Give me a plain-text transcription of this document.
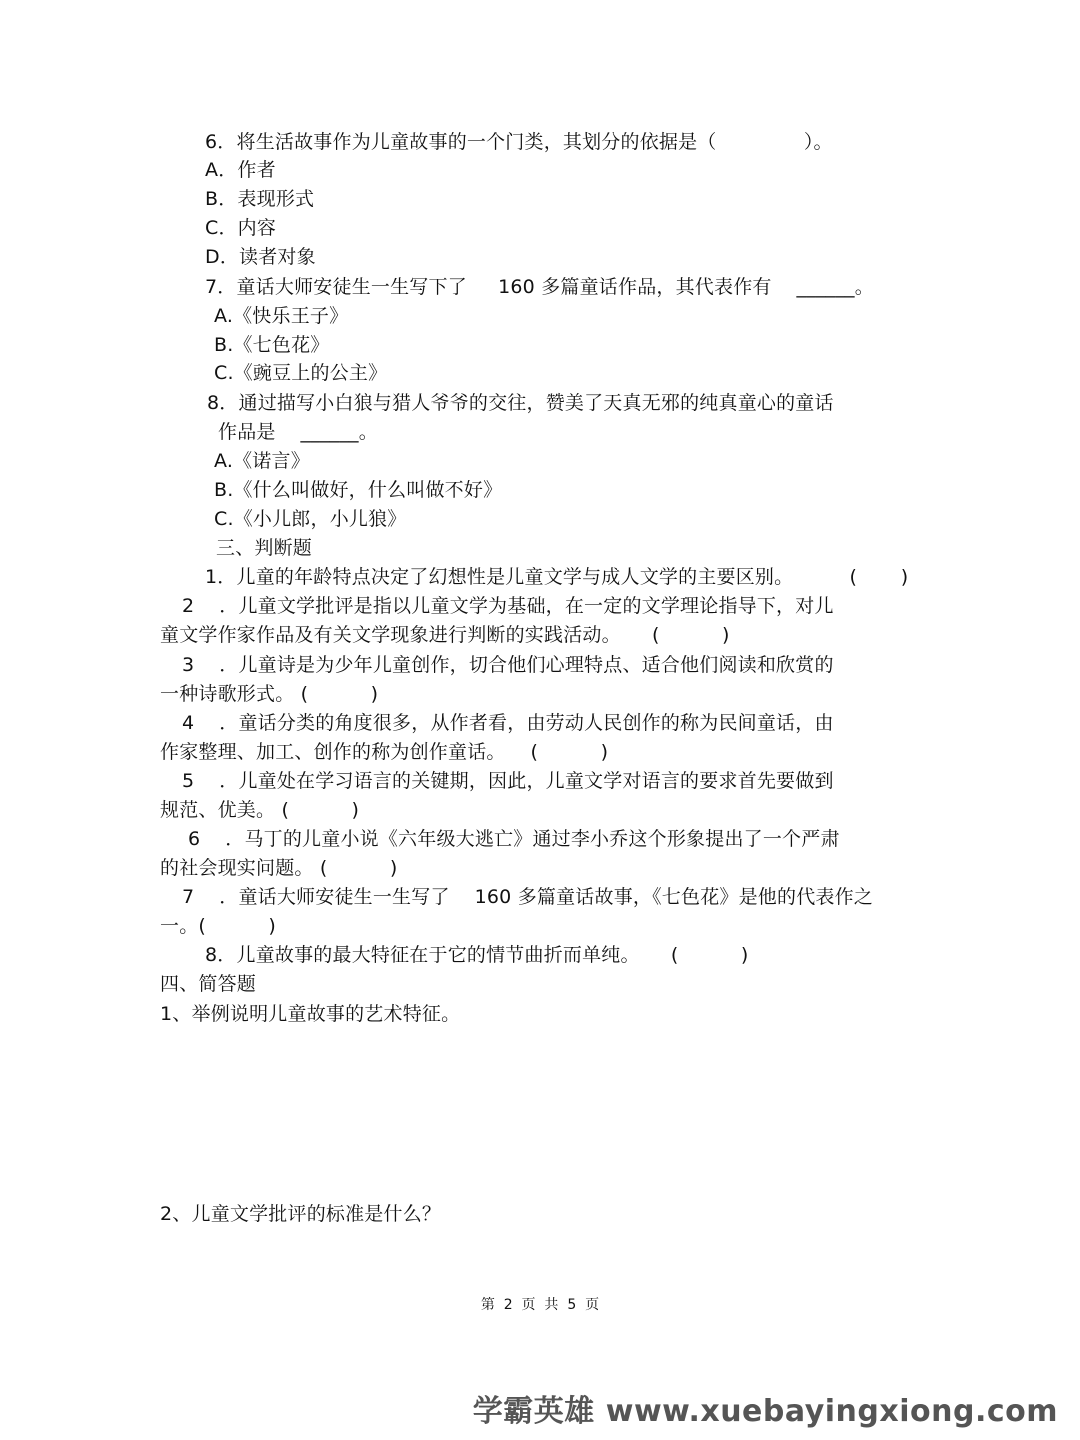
6．将生活故事作为儿童故事的一个门类，其划分的依据是（              ）。
A．作者
B．表现形式
C．内容
D．读者对象
7．童话大师安徒生一生写下了     160 多篇童话作品，其代表作有    ______。
A.《快乐王子》
B.《七色花》
C.《豌豆上的公主》
8．通过描写小白狼与猎人爷爷的交往，赞美了天真无邪的纯真童心的童话
作品是    ______。
A.《诺言》
B.《什么叫做好，什么叫做不好》
C.《小儿郎，小儿狼》
三、判断题
1．儿童的年龄特点决定了幻想性是儿童文学与成人文学的主要区别。         (       )
2    ．儿童文学批评是指以儿童文学为基础，在一定的文学理论指导下，对儿
童文学作家作品及有关文学现象进行判断的实践活动。     (          )
3    ．儿童诗是为少年儿童创作，切合他们心理特点、适合他们阅读和欣赏的
一种诗歌形式。 (          )
4    ．童话分类的角度很多，从作者看，由劳动人民创作的称为民间童话，由
作家整理、加工、创作的称为创作童话。    (          )
5    ．儿童处在学习语言的关键期，因此，儿童文学对语言的要求首先要做到
规范、优美。 (          )
6    ．马丁的儿童小说《六年级大逃亡》通过李小乔这个形象提出了一个严肃
的社会现实问题。 (          )
7    ．童话大师安徒生一生写了    160 多篇童话故事，《七色花》是他的代表作之
一。(          )
8．儿童故事的最大特征在于它的情节曲折而单纯。     (          )
四、简答题
1、举例说明儿童故事的艺术特征。
2、儿童文学批评的标准是什么？
第  2  页  共  5  页
学霸英雄 www.xuebayingxiong.com
